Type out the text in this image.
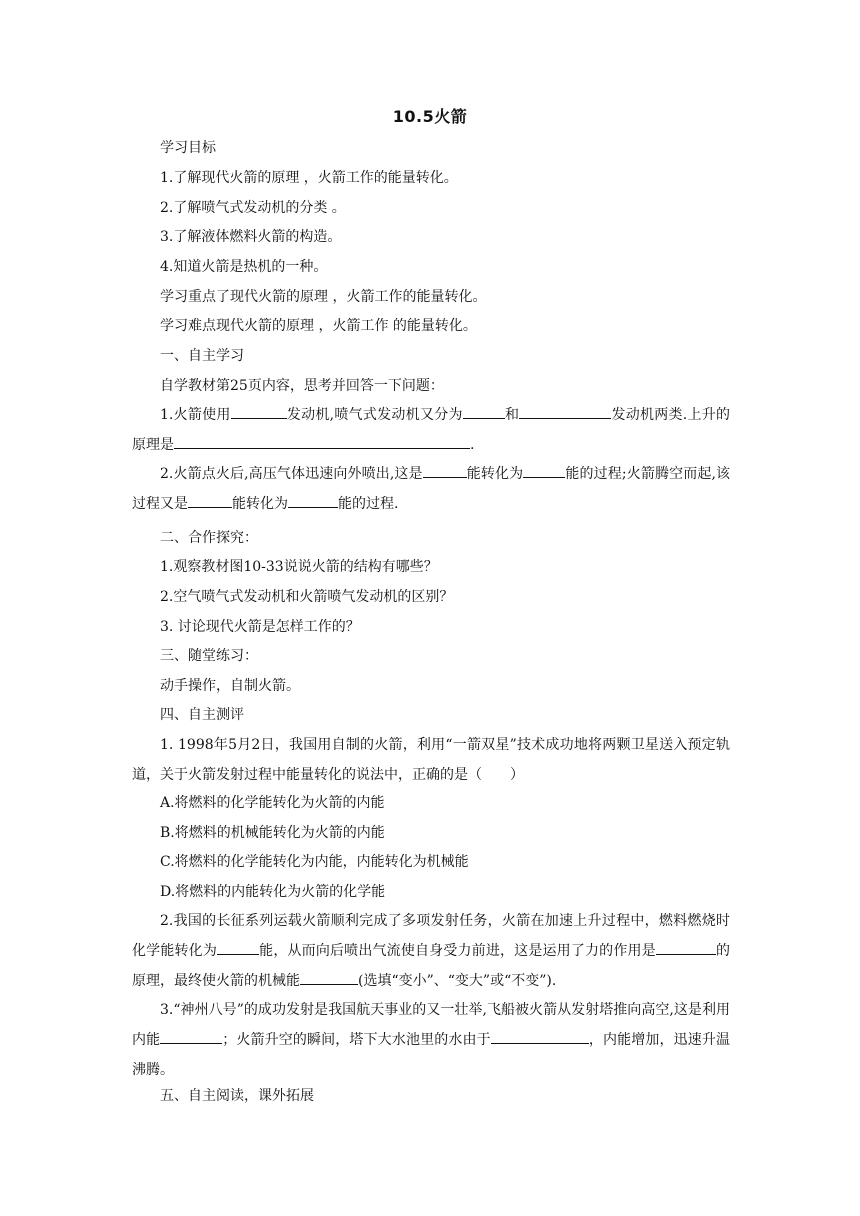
10.5火箭
学习目标
1.了解现代火箭的原理 ，火箭工作的能量转化。
2.了解喷气式发动机的分类 。
3.了解液体燃料火箭的构造。
4.知道火箭是热机的一种。
学习重点了现代火箭的原理 ，火箭工作的能量转化。
学习难点现代火箭的原理 ，火箭工作 的能量转化。
一、自主学习
自学教材第25页内容，思考并回答一下问题：
1.火箭使用	发动机,喷气式发动机又分为	和	发动机两类.上升的原理是	.
2.火箭点火后,高压气体迅速向外喷出,这是	能转化为	能的过程;火箭腾空而起,该过程又是	能转化为	能的过程.
二、合作探究：
1.观察教材图10-33说说火箭的结构有哪些？
2.空气喷气式发动机和火箭喷气发动机的区别？
3. 讨论现代火箭是怎样工作的？
三、随堂练习：
动手操作，自制火箭。
四、自主测评
1. 1998年5月2日，我国用自制的火箭，利用“一箭双星”技术成功地将两颗卫星送入预定轨道，关于火箭发射过程中能量转化的说法中，正确的是（　　）
A.将燃料的化学能转化为火箭的内能
B.将燃料的机械能转化为火箭的内能
C.将燃料的化学能转化为内能，内能转化为机械能
D.将燃料的内能转化为火箭的化学能
2.我国的长征系列运载火箭顺利完成了多项发射任务，火箭在加速上升过程中，燃料燃烧时化学能转化为	能，从而向后喷出气流使自身受力前进，这是运用了力的作用是	的原理，最终使火箭的机械能	(选填“变小”、“变大”或“不变”).
3.“神州八号”的成功发射是我国航天事业的又一壮举,飞船被火箭从发射塔推向高空,这是利用内能	；火箭升空的瞬间，塔下大水池里的水由于	，内能增加，迅速升温沸腾。
五、自主阅读，课外拓展
